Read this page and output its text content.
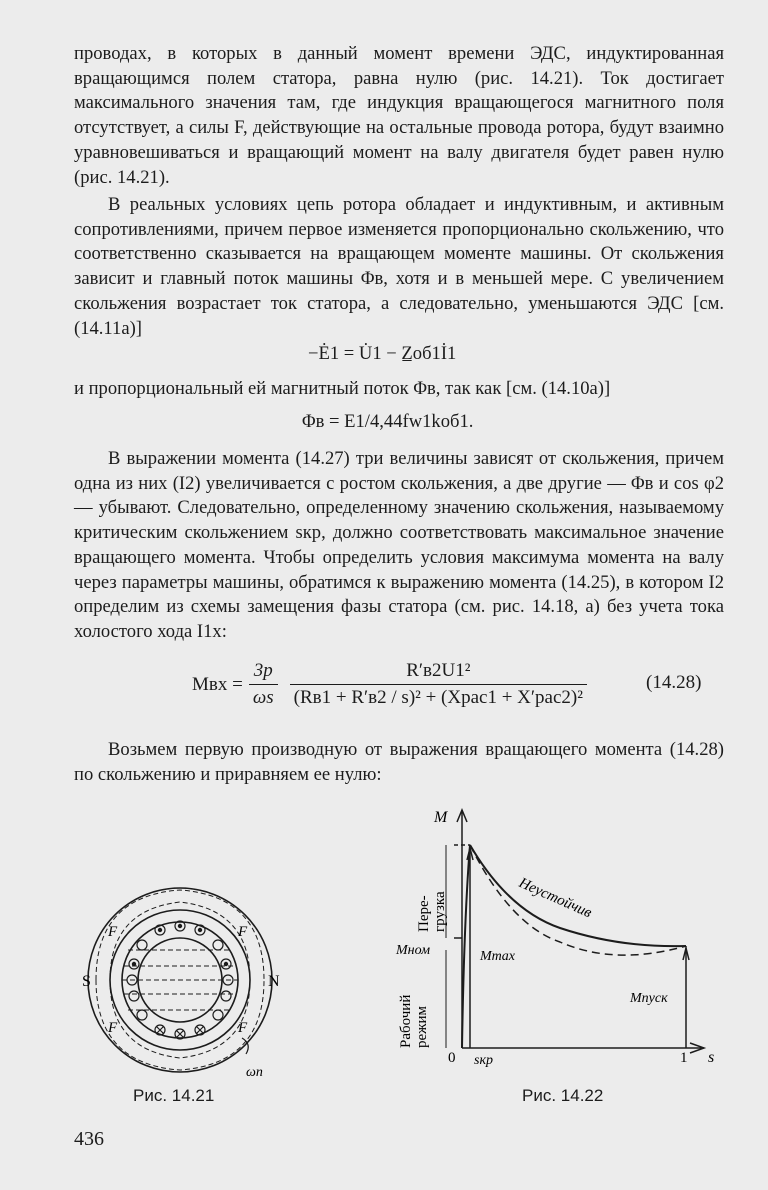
проводах, в которых в данный момент времени ЭДС, индуктированная вращающимся полем статора, равна нулю (рис. 14.21). Ток достигает максимального значения там, где индукция вращающегося магнитного поля отсутствует, а силы F, действующие на остальные провода ротора, будут взаимно уравновешиваться и вращающий момент на валу двигателя будет равен нулю (рис. 14.21).

В реальных условиях цепь ротора обладает и индуктивным, и активным сопротивлениями, причем первое изменяется пропорционально скольжению, что соответственно сказывается на вращающем моменте машины. От скольжения зависит и главный поток машины Φв, хотя и в меньшей мере. С увеличением скольжения возрастает ток статора, а следовательно, уменьшаются ЭДС [см. (14.11а)]

−Ė1 = U̇1 − Z̲об1İ1

и пропорциональный ей магнитный поток Φв, так как [см. (14.10а)]

Φв = E1/4,44fw1kоб1.

В выражении момента (14.27) три величины зависят от скольжения, причем одна из них (I2) увеличивается с ростом скольжения, а две другие — Φв и cos φ2 — убывают. Следовательно, определенному значению скольжения, называемому критическим скольжением sкр, должно соответствовать максимальное значение вращающего момента. Чтобы определить условия максимума момента на валу через параметры машины, обратимся к выражению момента (14.25), в котором I2 определим из схемы замещения фазы статора (см. рис. 14.18, а) без учета тока холостого хода I1х:

Mвх = $\frac{3p}{\omega s} \frac{\text{R′в2U1²}}{\text{(Rв1 + R′в2 / s)² + (Xрас1 + X′рас2)²}}$	(14.28)

Возьмем первую производную от выражения вращающего момента (14.28) по скольжению и приравняем ее нулю:

S	N
F	F
F	F
ωп
Рис. 14.21
M
s
0	1
sкр
Mном	Mmax
Mпуск
Неустойчив
Пере- грузка
Рабочий режим
Рис. 14.22
436
